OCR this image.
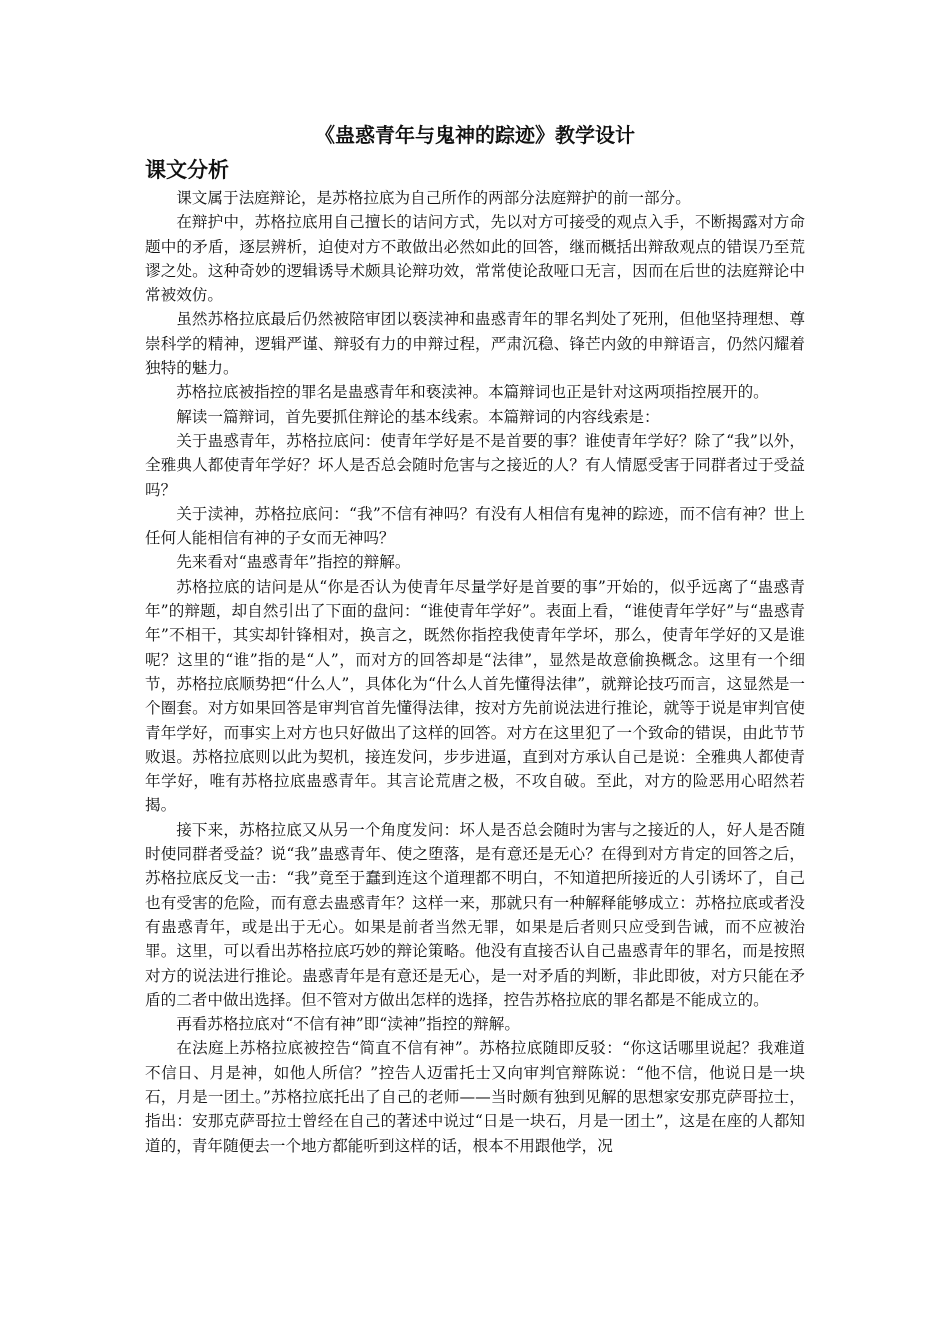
《蛊惑青年与鬼神的踪迹》教学设计
课文分析

课文属于法庭辩论，是苏格拉底为自己所作的两部分法庭辩护的前一部分。

在辩护中，苏格拉底用自己擅长的诘问方式，先以对方可接受的观点入手，不断揭露对方命题中的矛盾，逐层辨析，迫使对方不敢做出必然如此的回答，继而概括出辩敌观点的错误乃至荒谬之处。这种奇妙的逻辑诱导术颇具论辩功效，常常使论敌哑口无言，因而在后世的法庭辩论中常被效仿。

虽然苏格拉底最后仍然被陪审团以亵渎神和蛊惑青年的罪名判处了死刑，但他坚持理想、尊崇科学的精神，逻辑严谨、辩驳有力的申辩过程，严肃沉稳、锋芒内敛的申辩语言，仍然闪耀着独特的魅力。

苏格拉底被指控的罪名是蛊惑青年和亵渎神。本篇辩词也正是针对这两项指控展开的。

解读一篇辩词，首先要抓住辩论的基本线索。本篇辩词的内容线索是：

关于蛊惑青年，苏格拉底问：使青年学好是不是首要的事？谁使青年学好？除了“我”以外，全雅典人都使青年学好？坏人是否总会随时危害与之接近的人？有人情愿受害于同群者过于受益吗？

关于渎神，苏格拉底问：“我”不信有神吗？有没有人相信有鬼神的踪迹，而不信有神？世上任何人能相信有神的子女而无神吗？

先来看对“蛊惑青年”指控的辩解。

苏格拉底的诘问是从“你是否认为使青年尽量学好是首要的事”开始的，似乎远离了“蛊惑青年”的辩题，却自然引出了下面的盘问：“谁使青年学好”。表面上看，“谁使青年学好”与“蛊惑青年”不相干，其实却针锋相对，换言之，既然你指控我使青年学坏，那么，使青年学好的又是谁呢？这里的“谁”指的是“人”，而对方的回答却是“法律”，显然是故意偷换概念。这里有一个细节，苏格拉底顺势把“什么人”，具体化为“什么人首先懂得法律”，就辩论技巧而言，这显然是一个圈套。对方如果回答是审判官首先懂得法律，按对方先前说法进行推论，就等于说是审判官使青年学好，而事实上对方也只好做出了这样的回答。对方在这里犯了一个致命的错误，由此节节败退。苏格拉底则以此为契机，接连发问，步步进逼，直到对方承认自己是说：全雅典人都使青年学好，唯有苏格拉底蛊惑青年。其言论荒唐之极，不攻自破。至此，对方的险恶用心昭然若揭。

接下来，苏格拉底又从另一个角度发问：坏人是否总会随时为害与之接近的人，好人是否随时使同群者受益？说“我”蛊惑青年、使之堕落，是有意还是无心？在得到对方肯定的回答之后，苏格拉底反戈一击：“我”竟至于蠢到连这个道理都不明白，不知道把所接近的人引诱坏了，自己也有受害的危险，而有意去蛊惑青年？这样一来，那就只有一种解释能够成立：苏格拉底或者没有蛊惑青年，或是出于无心。如果是前者当然无罪，如果是后者则只应受到告诫，而不应被治罪。这里，可以看出苏格拉底巧妙的辩论策略。他没有直接否认自己蛊惑青年的罪名，而是按照对方的说法进行推论。蛊惑青年是有意还是无心，是一对矛盾的判断，非此即彼，对方只能在矛盾的二者中做出选择。但不管对方做出怎样的选择，控告苏格拉底的罪名都是不能成立的。

再看苏格拉底对“不信有神”即“渎神”指控的辩解。

在法庭上苏格拉底被控告“简直不信有神”。苏格拉底随即反驳：“你这话哪里说起？我难道不信日、月是神，如他人所信？”控告人迈雷托士又向审判官辩陈说：“他不信，他说日是一块石，月是一团土。”苏格拉底托出了自己的老师——当时颇有独到见解的思想家安那克萨哥拉士，指出：安那克萨哥拉士曾经在自己的著述中说过“日是一块石，月是一团土”，这是在座的人都知道的，青年随便去一个地方都能听到这样的话，根本不用跟他学，况
